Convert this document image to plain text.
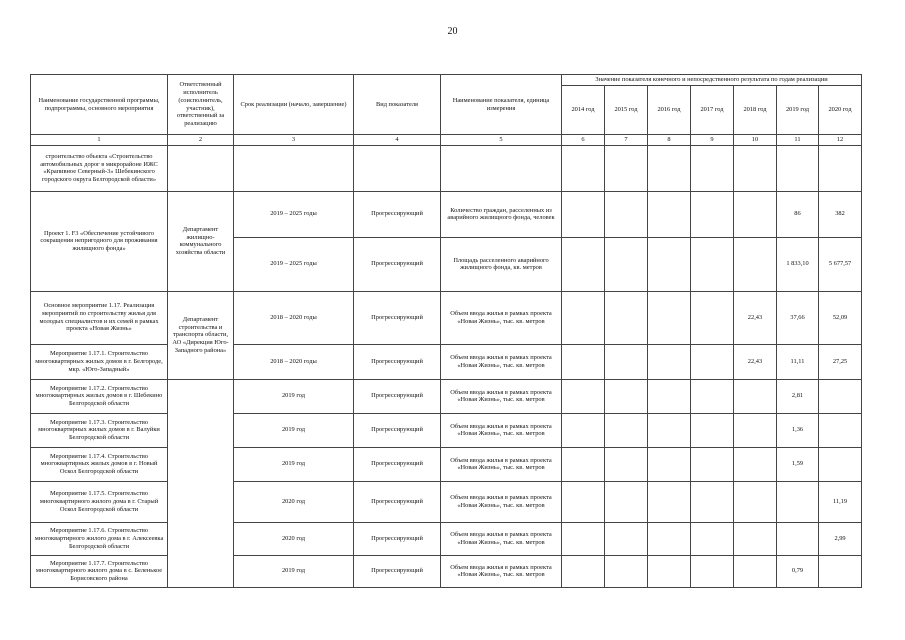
20
Наименование государственной программы, подпрограммы, основного мероприятия	Ответственный исполнитель (соисполнитель, участник), ответственный за реализацию	Срок реализации (начало, завершение)	Вид показателя	Наименование показателя, единица измерения	Значение показателя конечного и непосредственного результата по годам реализации						
					2014 год	2015 год	2016 год	2017 год	2018 год	2019 год	2020 год
1	2	3	4	5	6	7	8	9	10	11	12
строительство объекта «Строительство автомобильных дорог в микрорайоне ИЖС «Крапивное Северный-3» Шебекинского городского округа Белгородской области»											
Проект 1. F3 «Обеспечение устойчивого сокращения непригодного для проживания жилищного фонда»	Департамент жилищно-коммунального хозяйства области	2019 – 2025 годы	Прогрессирующий	Количество граждан, расселенных из аварийного жилищного фонда, человек						86	382
		2019 – 2025 годы	Прогрессирующий	Площадь расселенного аварийного жилищного фонда, кв. метров						1 833,10	5 677,57
Основное мероприятие 1.17. Реализация мероприятий по строительству жилья для молодых специалистов и их семей в рамках проекта «Новая Жизнь»	Департамент строительства и транспорта области, АО «Дирекция Юго-Западного района»	2018 – 2020 годы	Прогрессирующий	Объем ввода жилья в рамках проекта «Новая Жизнь», тыс. кв. метров					22,43	37,66	52,09
Мероприятие 1.17.1. Строительство многоквартирных жилых домов в г. Белгороде, мкр. «Юго-Западный»		2018 – 2020 годы	Прогрессирующий	Объем ввода жилья в рамках проекта «Новая Жизнь», тыс. кв. метров					22,43	11,11	27,25
Мероприятие 1.17.2. Строительство многоквартирных жилых домов в г. Шебекино Белгородской области		2019 год	Прогрессирующий	Объем ввода жилья в рамках проекта «Новая Жизнь», тыс. кв. метров						2,81	
Мероприятие 1.17.3. Строительство многоквартирных жилых домов в г. Валуйки Белгородской области		2019 год	Прогрессирующий	Объем ввода жилья в рамках проекта «Новая Жизнь», тыс. кв. метров						1,36	
Мероприятие 1.17.4. Строительство многоквартирных жилых домов в г. Новый Оскол Белгородской области		2019 год	Прогрессирующий	Объем ввода жилья в рамках проекта «Новая Жизнь», тыс. кв. метров						1,59	
Мероприятие 1.17.5. Строительство многоквартирного жилого дома в г. Старый Оскол Белгородской области		2020 год	Прогрессирующий	Объем ввода жилья в рамках проекта «Новая Жизнь», тыс. кв. метров							11,19
Мероприятие 1.17.6. Строительство многоквартирного жилого дома в г. Алексеевка Белгородской области		2020 год	Прогрессирующий	Объем ввода жилья в рамках проекта «Новая Жизнь», тыс. кв. метров							2,99
Мероприятие 1.17.7. Строительство многоквартирного жилого дома в с. Беленькое Борисовского района		2019 год	Прогрессирующий	Объем ввода жилья в рамках проекта «Новая Жизнь», тыс. кв. метров						0,79	
